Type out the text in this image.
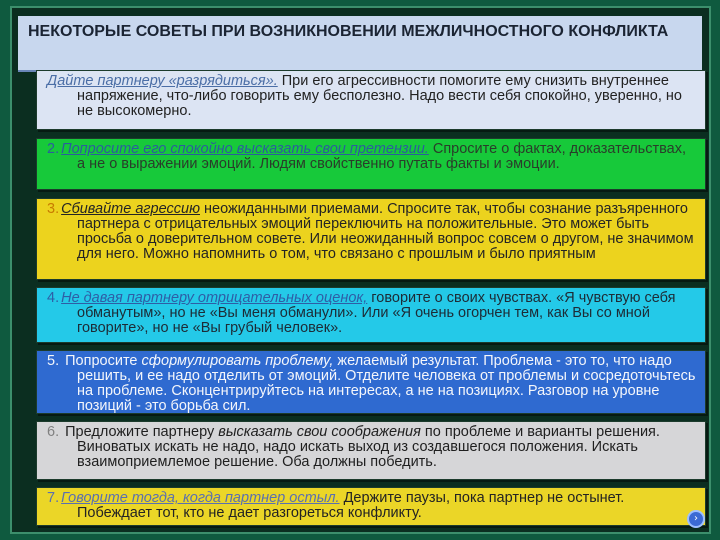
НЕКОТОРЫЕ СОВЕТЫ ПРИ ВОЗНИКНОВЕНИИ МЕЖЛИЧНОСТНОГО КОНФЛИКТА
Дайте партнеру «разрядиться». При его агрессивности помогите ему снизить внутреннее напряжение, что-либо говорить ему бесполезно. Надо вести себя спокойно, уверенно, но не высокомерно.
2. Попросите его спокойно высказать свои претензии. Спросите о фактах, доказательствах, а не о выражении эмоций. Людям свойственно путать факты и эмоции.
3. Сбивайте агрессию неожиданными приемами. Спросите так, чтобы сознание разъяренного партнера с отрицательных эмоций переключить на положительные. Это может быть просьба о доверительном совете. Или неожиданный вопрос совсем о другом, не значимом для него. Можно напомнить о том, что связано с прошлым и было приятным
4. Не давая партнеру отрицательных оценок, говорите о своих чувствах. «Я чувствую себя обманутым», но не «Вы меня обманули». Или «Я очень огорчен тем, как Вы со мной говорите», но не «Вы грубый человек».
5. Попросите сформулировать проблему, желаемый результат. Проблема - это то, что надо решить, и ее надо отделить от эмоций. Отделите человека от проблемы и сосредоточьтесь на проблеме. Сконцентрируйтесь на интересах, а не на позициях. Разговор на уровне позиций - это борьба сил.
6. Предложите партнеру высказать свои соображения по проблеме и варианты решения. Виноватых искать не надо, надо искать выход из создавшегося положения. Искать взаимоприемлемое решение. Оба должны победить.
7. Говорите тогда, когда партнер остыл. Держите паузы, пока партнер не остынет. Побеждает тот, кто не дает разгореться конфликту.	›
